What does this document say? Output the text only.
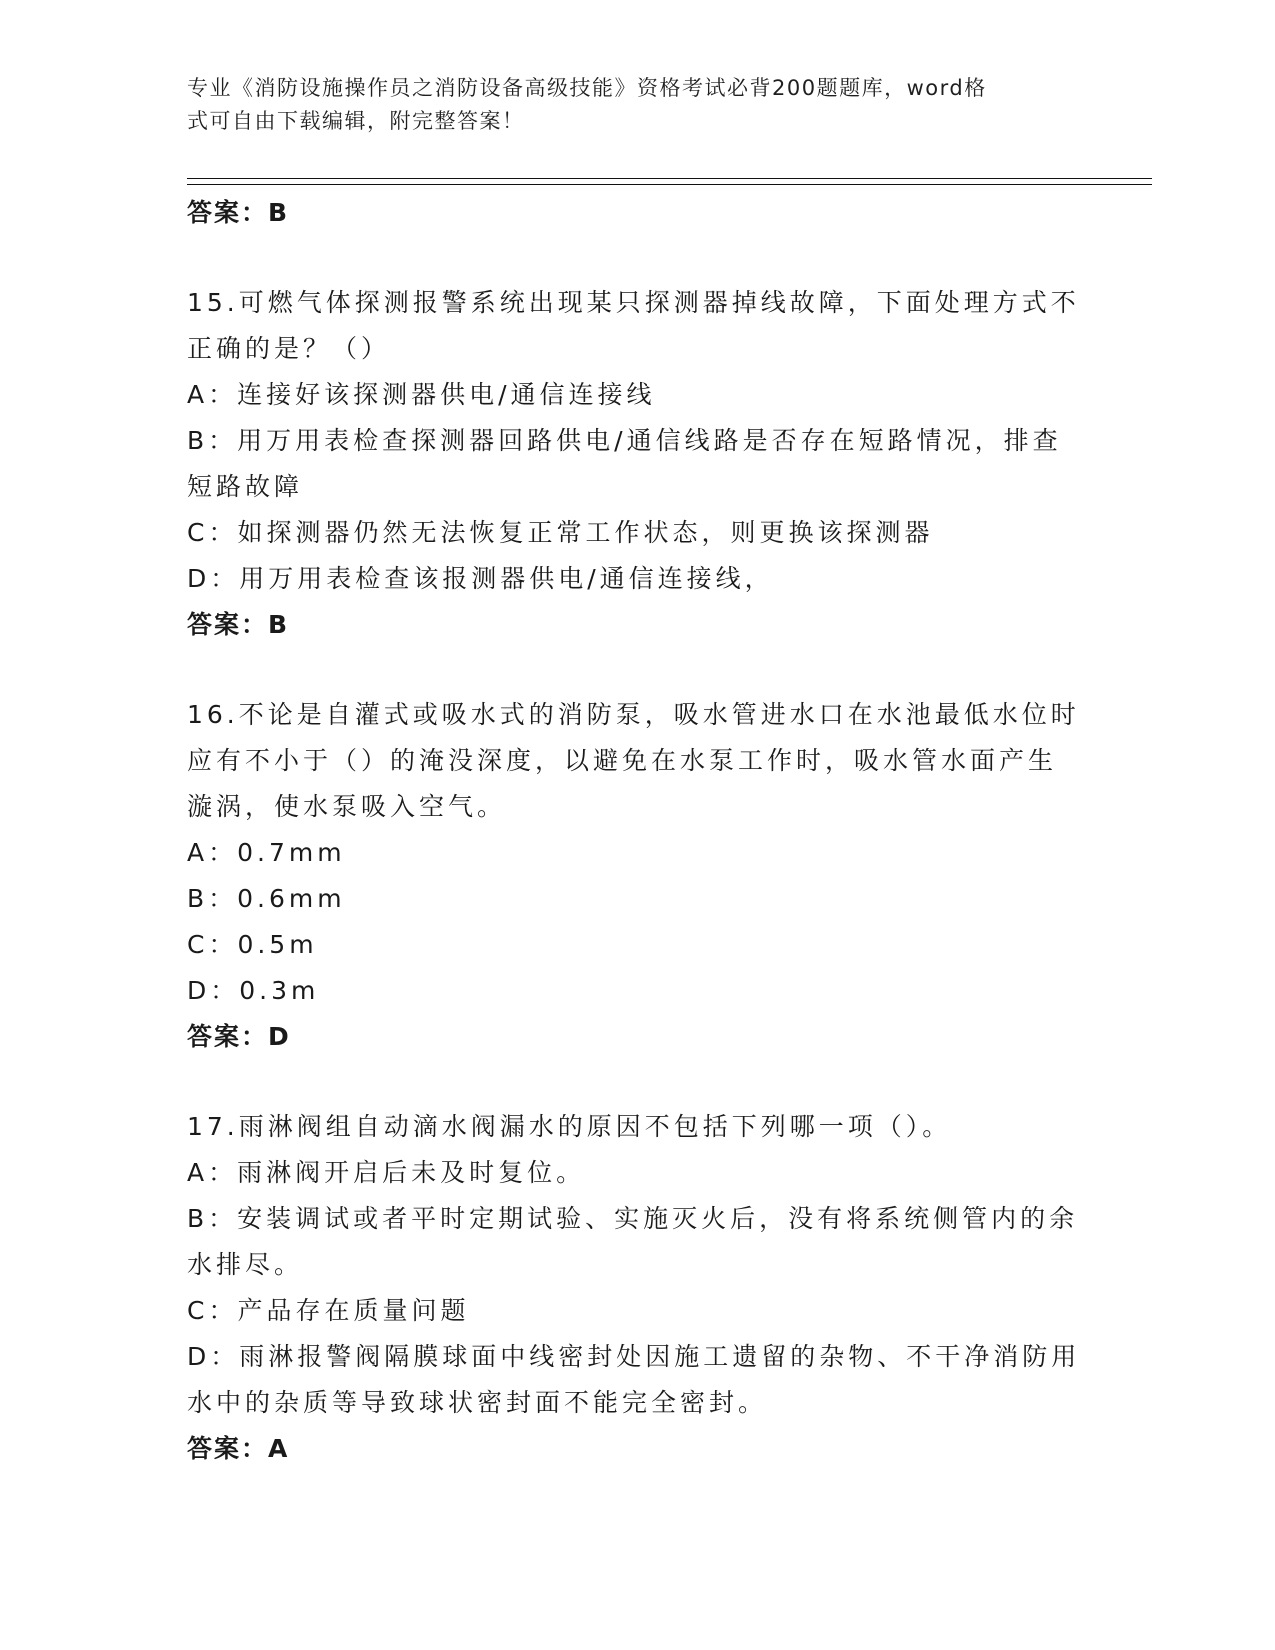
专业《消防设施操作员之消防设备高级技能》资格考试必背200题题库，word格
式可自由下载编辑，附完整答案！
答案：B
15.可燃气体探测报警系统出现某只探测器掉线故障，下面处理方式不
正确的是？（）
A：连接好该探测器供电/通信连接线
B：用万用表检查探测器回路供电/通信线路是否存在短路情况，排查
短路故障
C：如探测器仍然无法恢复正常工作状态，则更换该探测器
D：用万用表检查该报测器供电/通信连接线，
答案：B
16.不论是自灌式或吸水式的消防泵，吸水管进水口在水池最低水位时
应有不小于（）的淹没深度，以避免在水泵工作时，吸水管水面产生
漩涡，使水泵吸入空气。
A：0.7mm
B：0.6mm
C：0.5m
D：0.3m
答案：D
17.雨淋阀组自动滴水阀漏水的原因不包括下列哪一项（）。
A：雨淋阀开启后未及时复位。
B：安装调试或者平时定期试验、实施灭火后，没有将系统侧管内的余
水排尽。
C：产品存在质量问题
D：雨淋报警阀隔膜球面中线密封处因施工遗留的杂物、不干净消防用
水中的杂质等导致球状密封面不能完全密封。
答案：A
